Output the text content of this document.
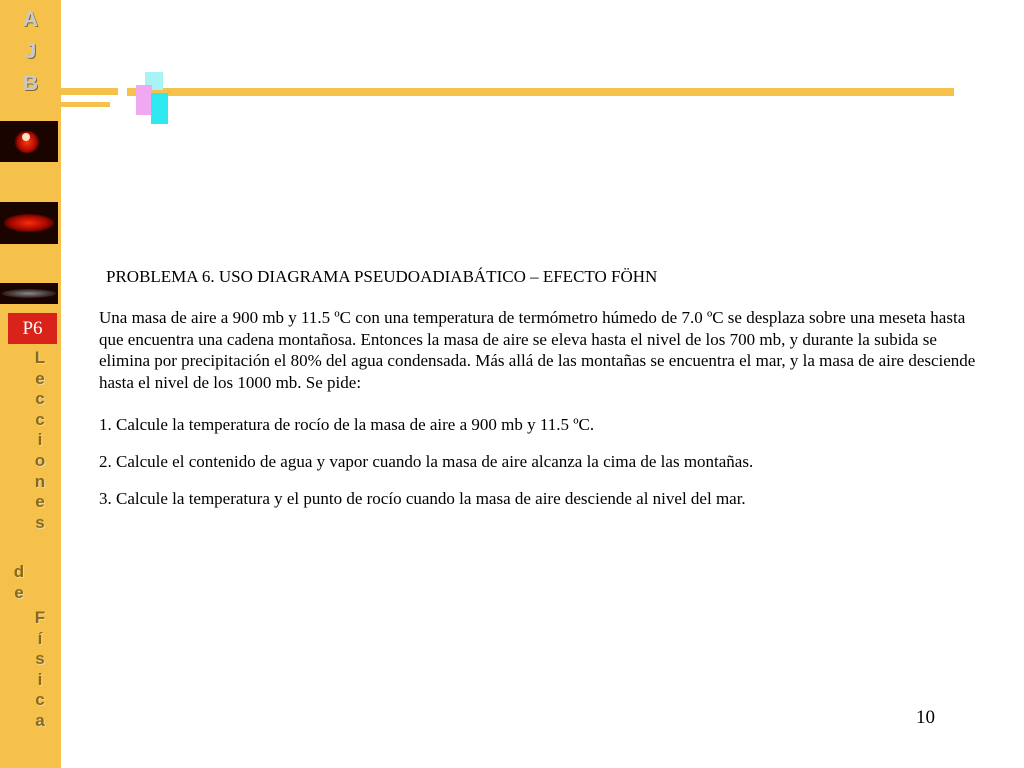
A
J
B
P6
L
e
c
c
i
o
n
e
s
d
e
F
í
s
i
c
a
PROBLEMA 6. USO DIAGRAMA PSEUDOADIABÁTICO – EFECTO FÖHN
Una masa de aire a 900 mb y 11.5 ºC con una temperatura de termómetro húmedo de 7.0 ºC se desplaza sobre una meseta hasta que encuentra una cadena montañosa. Entonces la masa de aire se eleva hasta el nivel de los 700 mb, y durante la subida se elimina por precipitación el 80% del agua condensada. Más allá de las montañas se encuentra el mar, y la masa de aire desciende hasta el nivel de los 1000 mb. Se pide:
1. Calcule la temperatura de rocío de la masa de aire a 900 mb y 11.5 ºC.
2. Calcule el contenido de agua y vapor cuando la masa de aire alcanza la cima de las montañas.
3. Calcule la temperatura y el punto de rocío cuando la masa de aire desciende al nivel del mar.
10
